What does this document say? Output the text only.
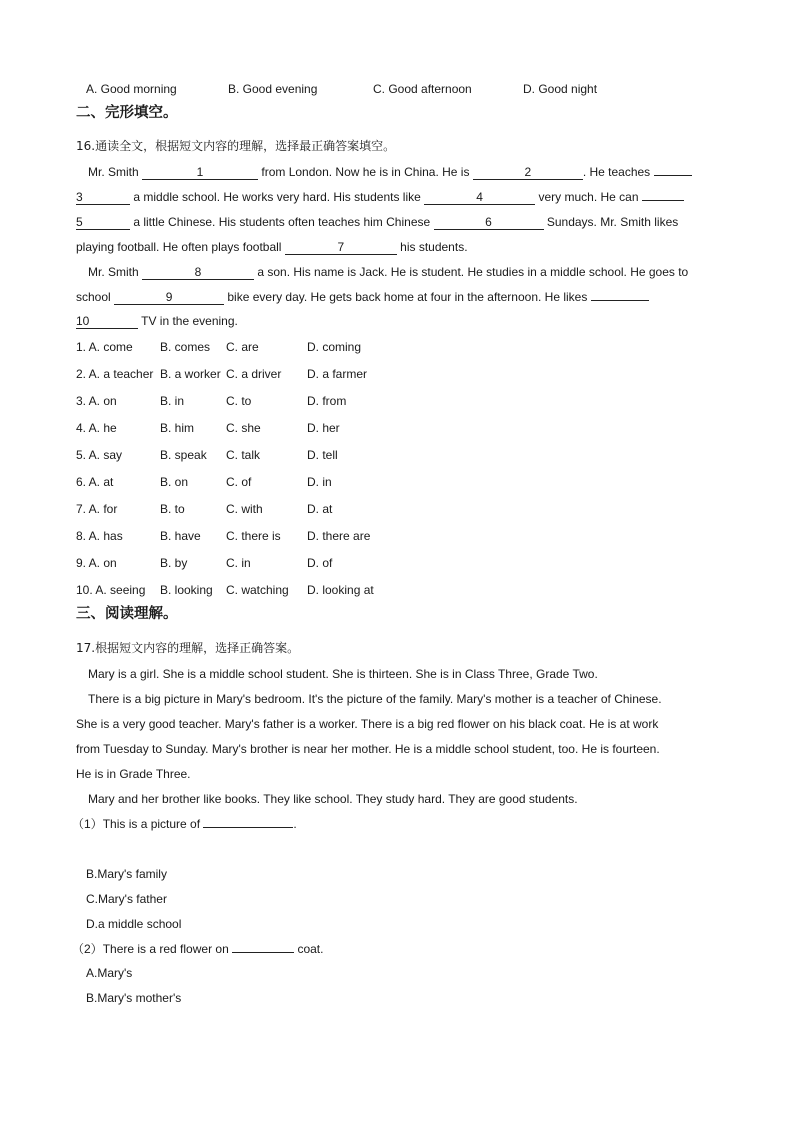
A. Good morning	B. Good evening	C. Good afternoon	D. Good night
二、完形填空。
16.通读全文，根据短文内容的理解，选择最正确答案填空。
Mr. Smith	1	from London. Now he is in China. He is	2	. He teaches
3	a middle school. He works very hard. His students like	4	very much. He can
5	a little Chinese. His students often teaches him Chinese	6	Sundays. Mr. Smith likes
playing football. He often plays football	7	his students.
Mr. Smith	8	a son. His name is Jack. He is student. He studies in a middle school. He goes to
school	9	bike every day. He gets back home at four in the afternoon. He likes
10	TV in the evening.
1. A. come B. comes C. are	D. coming
2. A. a teacher B. a worker C. a driver D. a farmer
3. A. on	B. in	C. to	D. from
4. A. he	B. him	C. she	D. her
5. A. say	B. speak C. talk	D. tell
6. A. at	B. on	C. of	D. in
7. A. for	B. to	C. with	D. at
8. A. has	B. have C. there is D. there are
9. A. on	B. by	C. in	D. of
10. A. seeing B. looking C. watching D. looking at
三、阅读理解。
17.根据短文内容的理解，选择正确答案。
Mary is a girl. She is a middle school student. She is thirteen. She is in Class Three, Grade Two.
There is a big picture in Mary's bedroom. It's the picture of the family. Mary's mother is a teacher of Chinese.
She is a very good teacher. Mary's father is a worker. There is a big red flower on his black coat. He is at work
from Tuesday to Sunday. Mary's brother is near her mother. He is a middle school student, too. He is fourteen.
He is in Grade Three.
Mary and her brother like books. They like school. They study hard. They are good students.
（1）This is a picture of	.
B.Mary's family
C.Mary's father
D.a middle school
（2）There is a red flower on	coat.
A.Mary's
B.Mary's mother's
